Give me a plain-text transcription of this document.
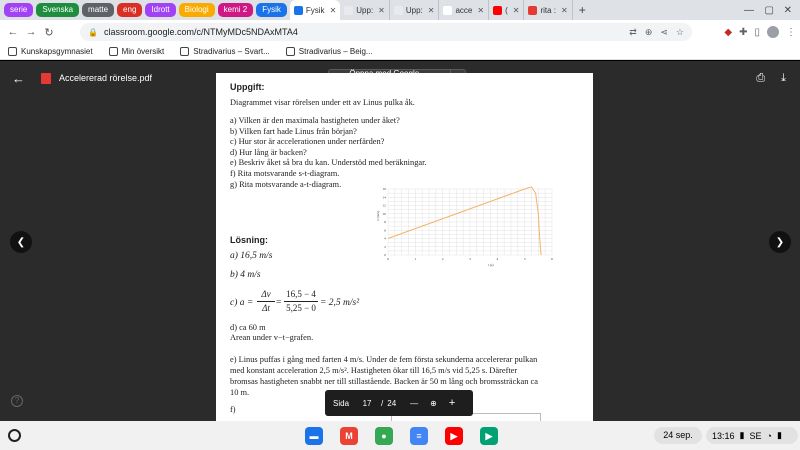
serie	Svenska	matte	eng	Idrott	Biologi	kemi 2	Fysik	Fysik ✕	Upp: ✕	Upp: ✕	acce ✕	( ✕	rita : ✕ +	— ▢ ✕
← → ↻	🔒 classroom.google.com/c/NTMyMDc5NDAxMTA4	⇄ ⊕ ⋖ ☆	◆ ✚ ▯	⋮
Kunskapsgymnasiet	Min översikt	Stradivarius – Svart...	Stradivarius – Beig...
←	Accelererad rörelse.pdf	⎙ ⤓
❮	❯
Uppgift:
Diagrammet visar rörelsen under ett av Linus pulka åk.
a) Vilken är den maximala hastigheten under åket?
b) Vilken fart hade Linus från början?
c) Hur stor är accelerationen under nerfärden?
d) Hur lång är backen?
e) Beskriv åket så bra du kan. Understöd med beräkningar.
f) Rita motsvarande s-t-diagram.
g) Rita motsvarande a-t-diagram.
0
2
4
6
8
10
12
14
16
0	1	2	3	4	5	6
t (s)
v (m/s)
Lösning:
a) 16,5 m/s
b) 4 m/s
c) a =
Δv
Δt =
16,5 − 4
5,25 − 0 = 2,5 m/s²
d) ca 60 m
Arean under v−t−grafen.
e) Linus puffas i gång med farten 4 m/s. Under de fem första sekunderna accelererar pulkan
med konstant acceleration 2,5 m/s². Hastigheten ökar till 16,5 m/s vid 5,25 s. Därefter
bromsas hastigheten snabbt ner till stillastående. Backen är 50 m lång och bromssträckan ca
10 m.
f)
Sida	17	/ 24 — ⊕ +
?
▬	M	●	≡	▶	▶	24 sep.	13:16 ▮ SE ◔ ▮
